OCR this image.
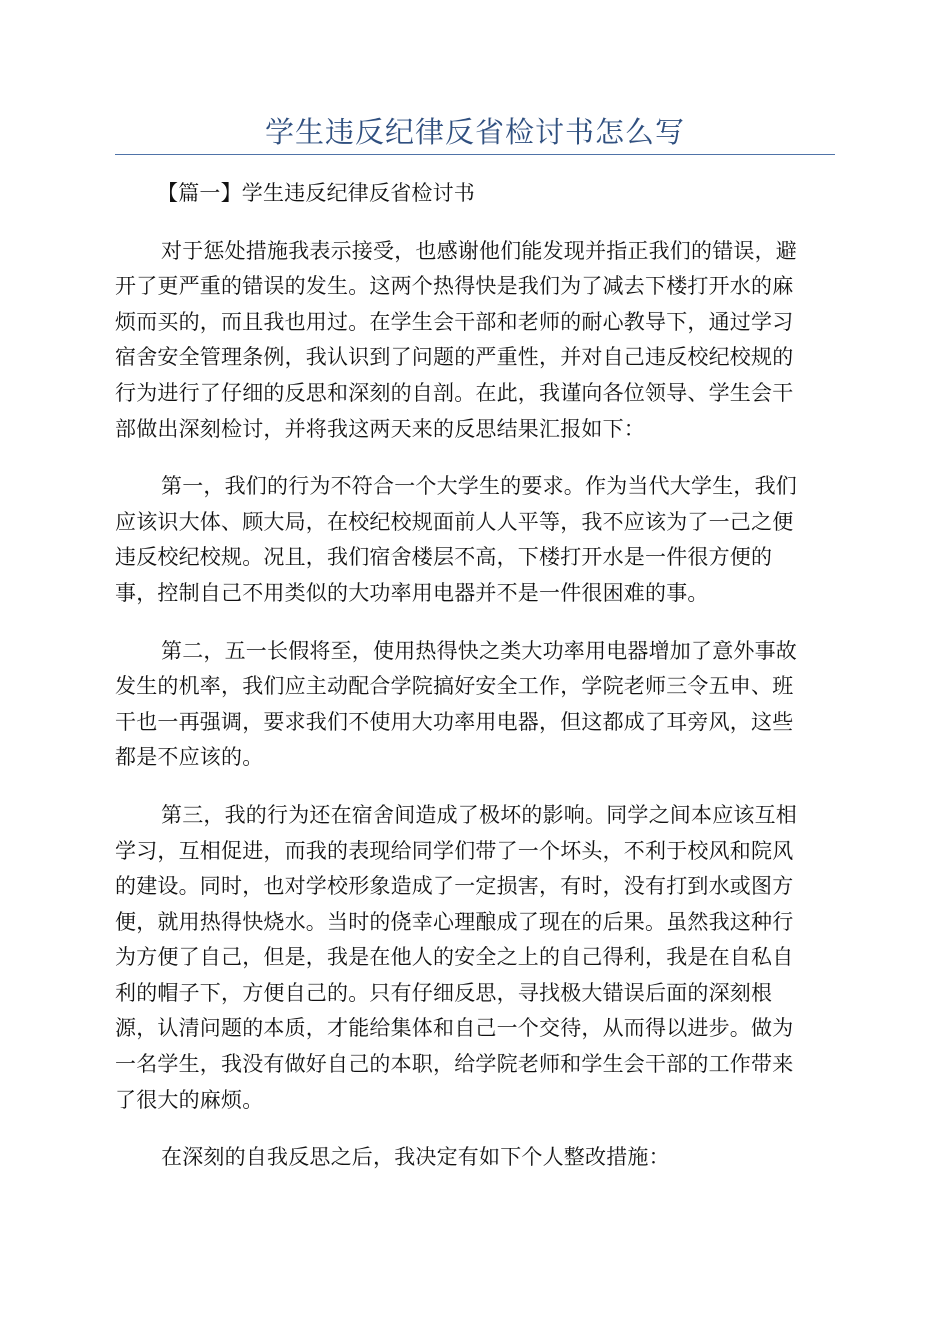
学生违反纪律反省检讨书怎么写
【篇一】学生违反纪律反省检讨书
对于惩处措施我表示接受，也感谢他们能发现并指正我们的错误，避
开了更严重的错误的发生。这两个热得快是我们为了减去下楼打开水的麻
烦而买的，而且我也用过。在学生会干部和老师的耐心教导下，通过学习
宿舍安全管理条例，我认识到了问题的严重性，并对自己违反校纪校规的
行为进行了仔细的反思和深刻的自剖。在此，我谨向各位领导、学生会干
部做出深刻检讨，并将我这两天来的反思结果汇报如下：
第一，我们的行为不符合一个大学生的要求。作为当代大学生，我们
应该识大体、顾大局，在校纪校规面前人人平等，我不应该为了一己之便
违反校纪校规。况且，我们宿舍楼层不高，下楼打开水是一件很方便的
事，控制自己不用类似的大功率用电器并不是一件很困难的事。
第二，五一长假将至，使用热得快之类大功率用电器增加了意外事故
发生的机率，我们应主动配合学院搞好安全工作，学院老师三令五申、班
干也一再强调，要求我们不使用大功率用电器，但这都成了耳旁风，这些
都是不应该的。
第三，我的行为还在宿舍间造成了极坏的影响。同学之间本应该互相
学习，互相促进，而我的表现给同学们带了一个坏头，不利于校风和院风
的建设。同时，也对学校形象造成了一定损害，有时，没有打到水或图方
便，就用热得快烧水。当时的侥幸心理酿成了现在的后果。虽然我这种行
为方便了自己，但是，我是在他人的安全之上的自己得利，我是在自私自
利的帽子下，方便自己的。只有仔细反思，寻找极大错误后面的深刻根
源，认清问题的本质，才能给集体和自己一个交待，从而得以进步。做为
一名学生，我没有做好自己的本职，给学院老师和学生会干部的工作带来
了很大的麻烦。
在深刻的自我反思之后，我决定有如下个人整改措施：
